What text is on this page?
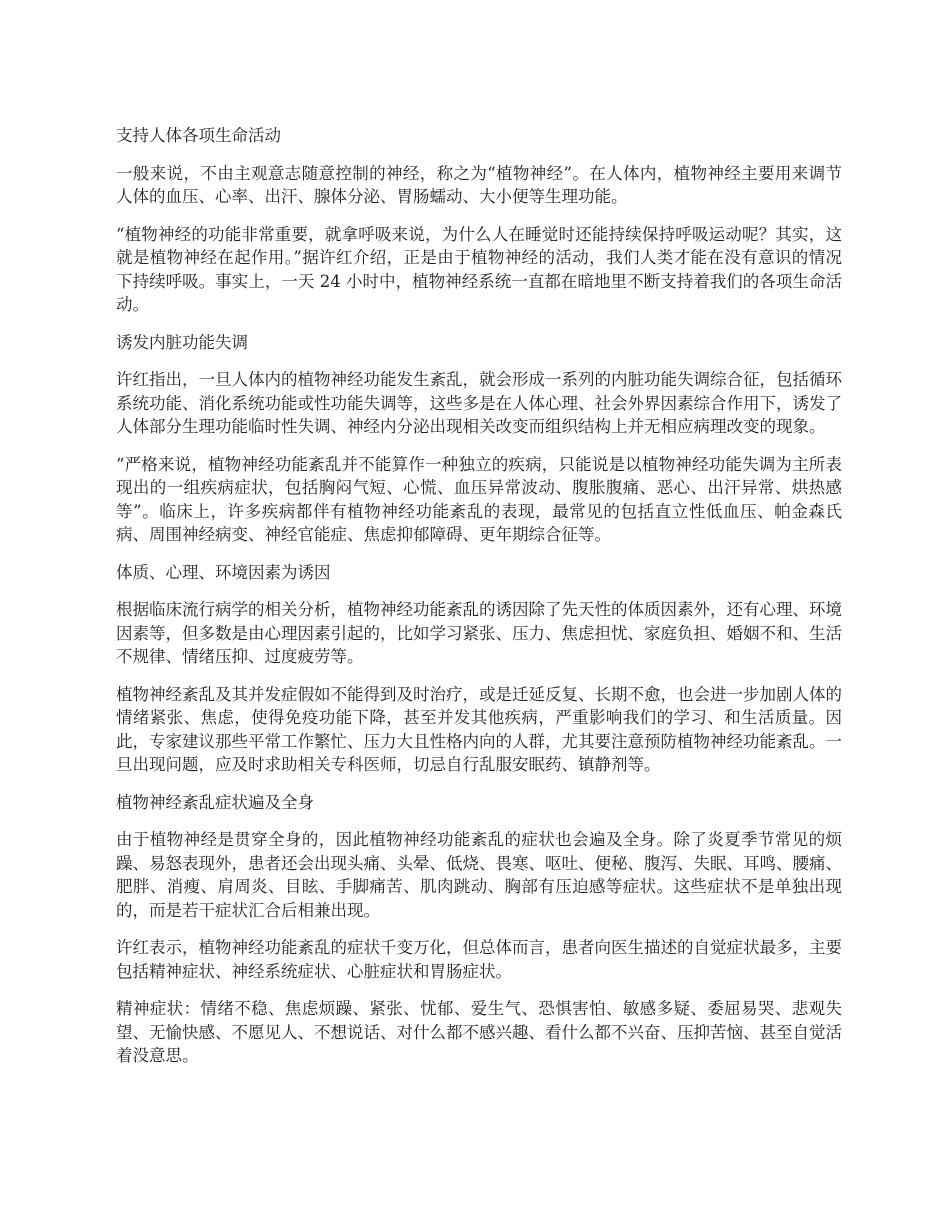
支持人体各项生命活动

一般来说，不由主观意志随意控制的神经，称之为“植物神经”。在人体内，植物神经主要用来调节人体的血压、心率、出汗、腺体分泌、胃肠蠕动、大小便等生理功能。

“植物神经的功能非常重要，就拿呼吸来说，为什么人在睡觉时还能持续保持呼吸运动呢？其实，这就是植物神经在起作用。”据许红介绍，正是由于植物神经的活动，我们人类才能在没有意识的情况下持续呼吸。事实上，一天 24 小时中，植物神经系统一直都在暗地里不断支持着我们的各项生命活动。

诱发内脏功能失调

许红指出，一旦人体内的植物神经功能发生紊乱，就会形成一系列的内脏功能失调综合征，包括循环系统功能、消化系统功能或性功能失调等，这些多是在人体心理、社会外界因素综合作用下，诱发了人体部分生理功能临时性失调、神经内分泌出现相关改变而组织结构上并无相应病理改变的现象。

“严格来说，植物神经功能紊乱并不能算作一种独立的疾病，只能说是以植物神经功能失调为主所表现出的一组疾病症状，包括胸闷气短、心慌、血压异常波动、腹胀腹痛、恶心、出汗异常、烘热感等”。临床上，许多疾病都伴有植物神经功能紊乱的表现，最常见的包括直立性低血压、帕金森氏病、周围神经病变、神经官能症、焦虑抑郁障碍、更年期综合征等。

体质、心理、环境因素为诱因

根据临床流行病学的相关分析，植物神经功能紊乱的诱因除了先天性的体质因素外，还有心理、环境因素等，但多数是由心理因素引起的，比如学习紧张、压力、焦虑担忧、家庭负担、婚姻不和、生活不规律、情绪压抑、过度疲劳等。

植物神经紊乱及其并发症假如不能得到及时治疗，或是迁延反复、长期不愈，也会进一步加剧人体的情绪紧张、焦虑，使得免疫功能下降，甚至并发其他疾病，严重影响我们的学习、和生活质量。因此，专家建议那些平常工作繁忙、压力大且性格内向的人群，尤其要注意预防植物神经功能紊乱。一旦出现问题，应及时求助相关专科医师，切忌自行乱服安眠药、镇静剂等。

植物神经紊乱症状遍及全身

由于植物神经是贯穿全身的，因此植物神经功能紊乱的症状也会遍及全身。除了炎夏季节常见的烦躁、易怒表现外，患者还会出现头痛、头晕、低烧、畏寒、呕吐、便秘、腹泻、失眠、耳鸣、腰痛、肥胖、消瘦、肩周炎、目眩、手脚痛苦、肌肉跳动、胸部有压迫感等症状。这些症状不是单独出现的，而是若干症状汇合后相兼出现。

许红表示，植物神经功能紊乱的症状千变万化，但总体而言，患者向医生描述的自觉症状最多，主要包括精神症状、神经系统症状、心脏症状和胃肠症状。

精神症状：情绪不稳、焦虑烦躁、紧张、忧郁、爱生气、恐惧害怕、敏感多疑、委屈易哭、悲观失望、无愉快感、不愿见人、不想说话、对什么都不感兴趣、看什么都不兴奋、压抑苦恼、甚至自觉活着没意思。
